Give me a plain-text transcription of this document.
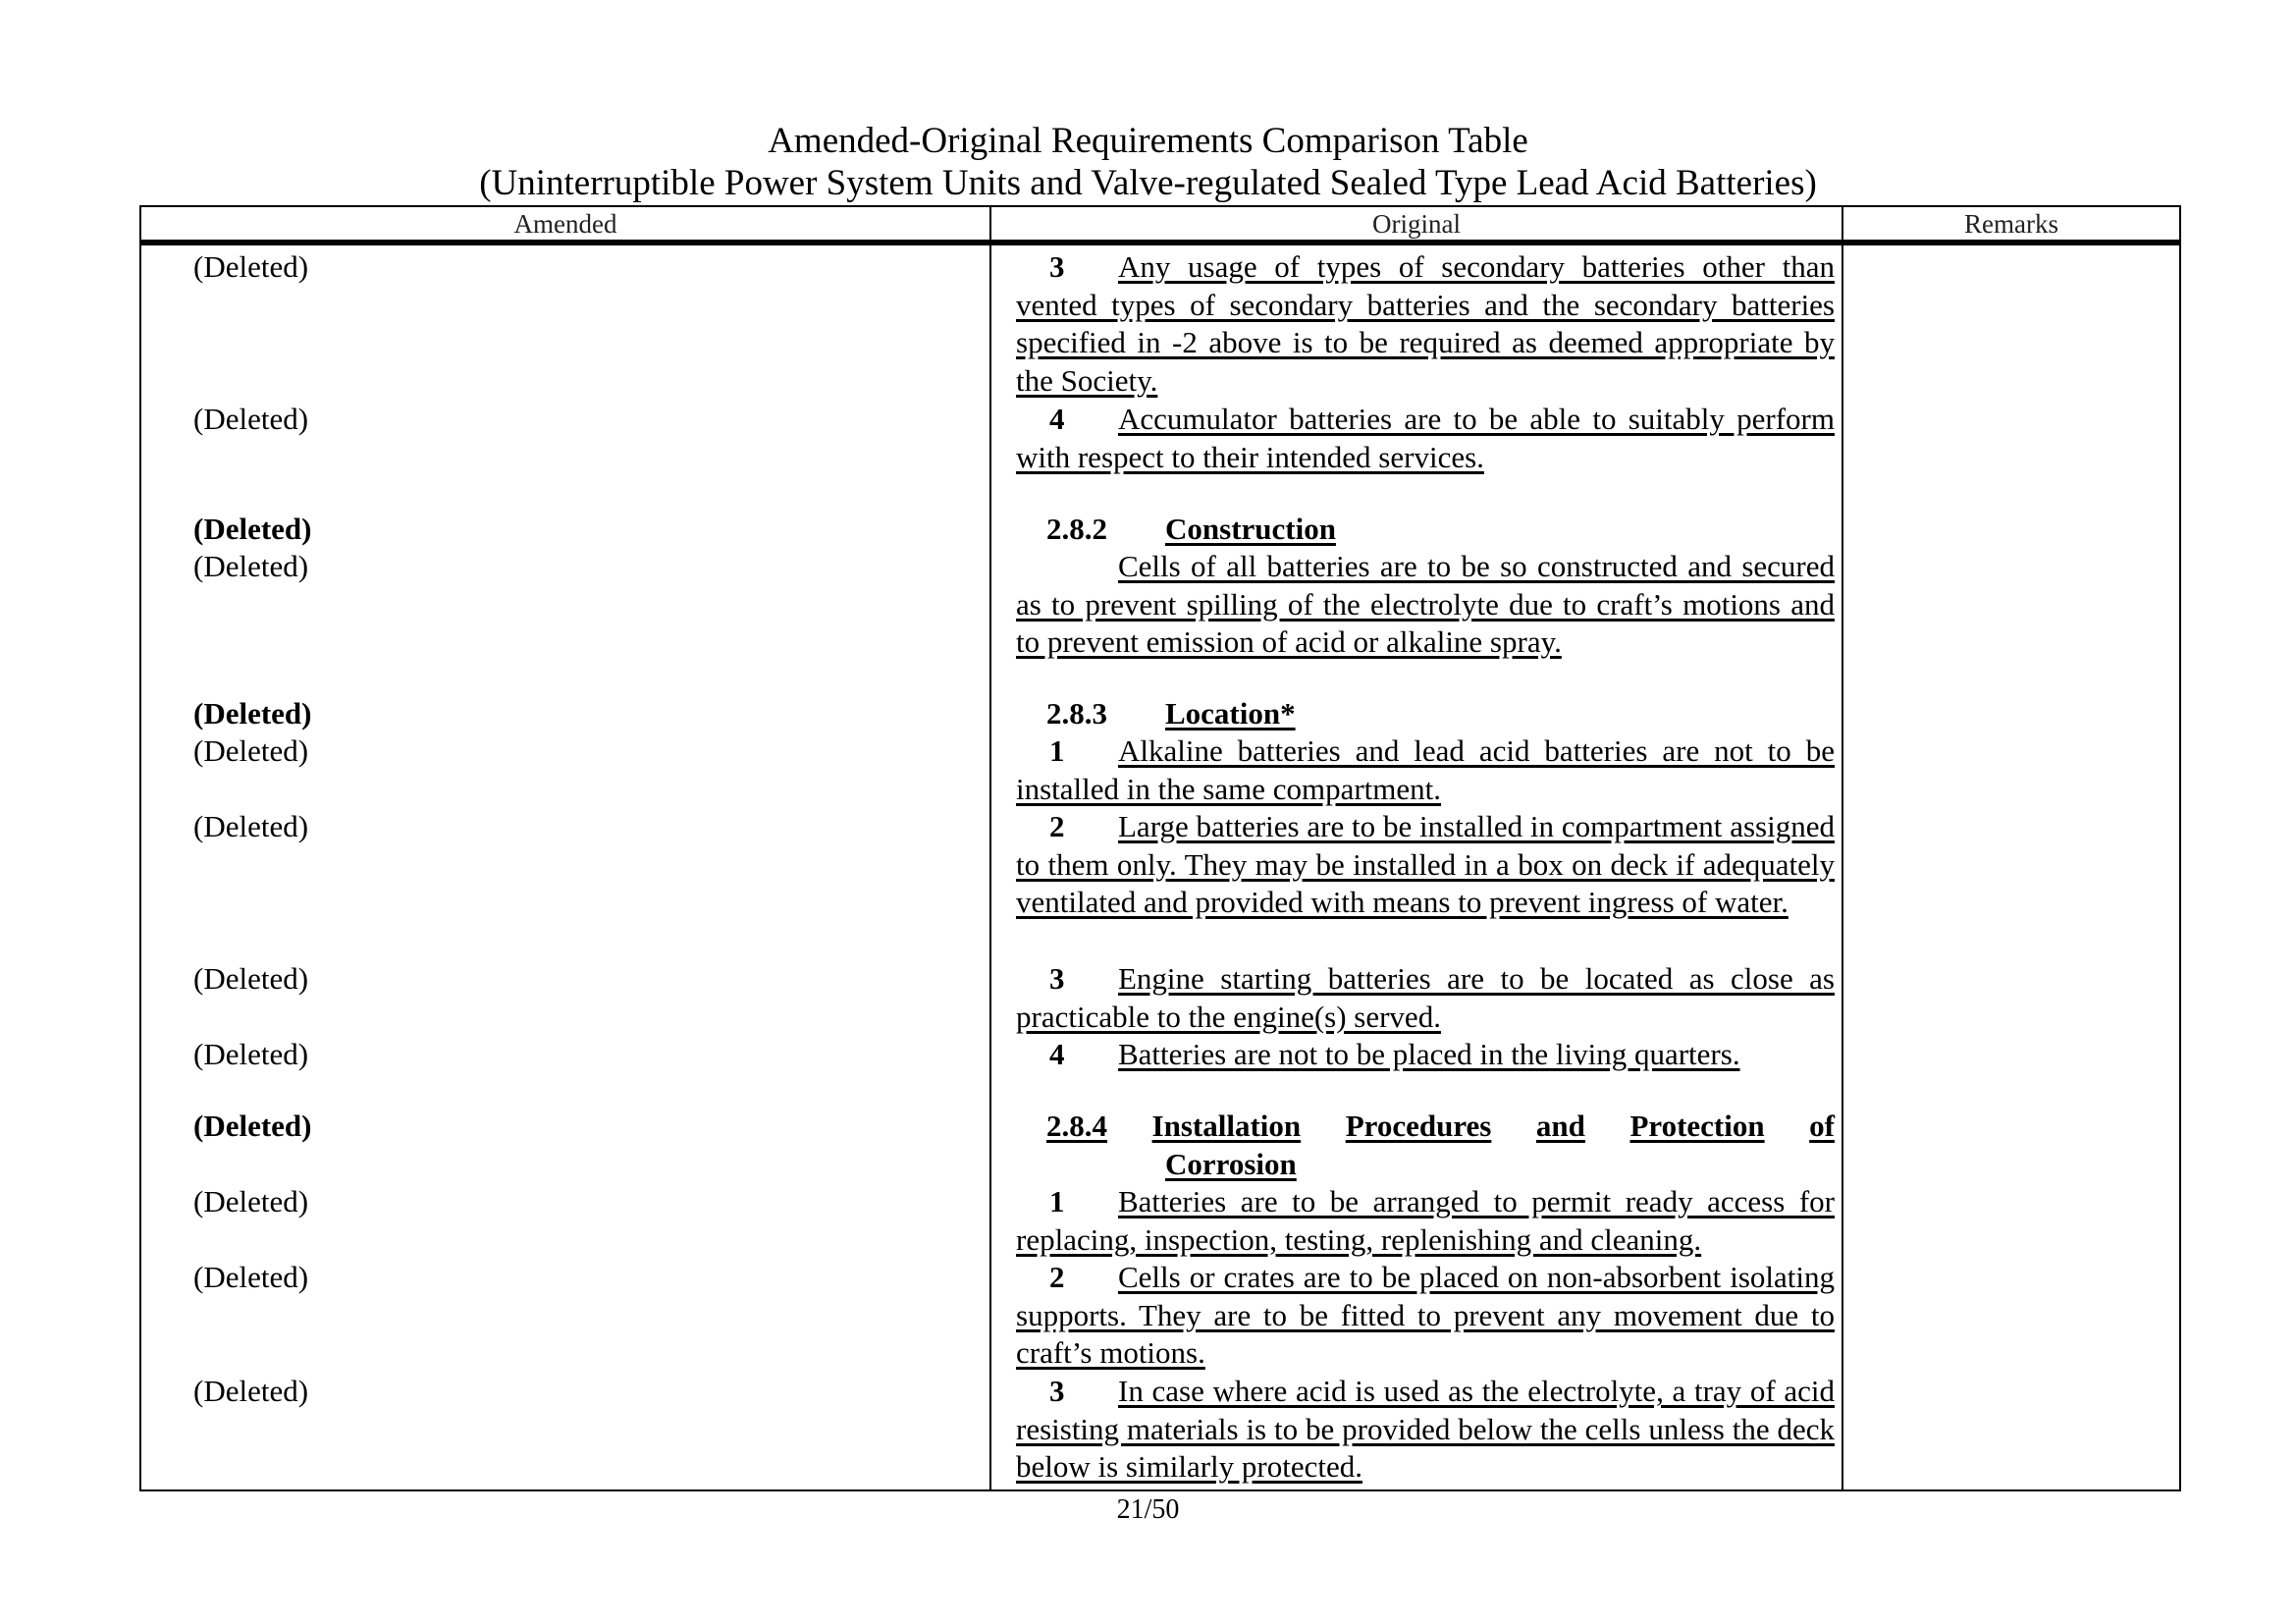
Amended-Original Requirements Comparison Table
(Uninterruptible Power System Units and Valve-regulated Sealed Type Lead Acid Batteries)
Amended	Original	Remarks
(Deleted)
(Deleted)
(Deleted)
(Deleted)
(Deleted)
(Deleted)
(Deleted)
(Deleted)
(Deleted)
(Deleted)
(Deleted)
(Deleted)
(Deleted)

3 Any usage of types of secondary batteries other than vented types of secondary batteries and the secondary batteries specified in -2 above is to be required as deemed appropriate by the Society.

4 Accumulator batteries are to be able to suitably perform with respect to their intended services.

2.8.2 Construction

Cells of all batteries are to be so constructed and secured as to prevent spilling of the electrolyte due to craft’s motions and to prevent emission of acid or alkaline spray.

2.8.3 Location*

1 Alkaline batteries and lead acid batteries are not to be installed in the same compartment.

2 Large batteries are to be installed in compartment assigned to them only. They may be installed in a box on deck if adequately ventilated and provided with means to prevent ingress of water.

3 Engine starting batteries are to be located as close as practicable to the engine(s) served.

4 Batteries are not to be placed in the living quarters.

2.8.4 Installation Procedures and Protection of
Corrosion

1 Batteries are to be arranged to permit ready access for replacing, inspection, testing, replenishing and cleaning.

2 Cells or crates are to be placed on non-absorbent isolating supports. They are to be fitted to prevent any movement due to craft’s motions.

3 In case where acid is used as the electrolyte, a tray of acid resisting materials is to be provided below the cells unless the deck below is similarly protected.

21/50
